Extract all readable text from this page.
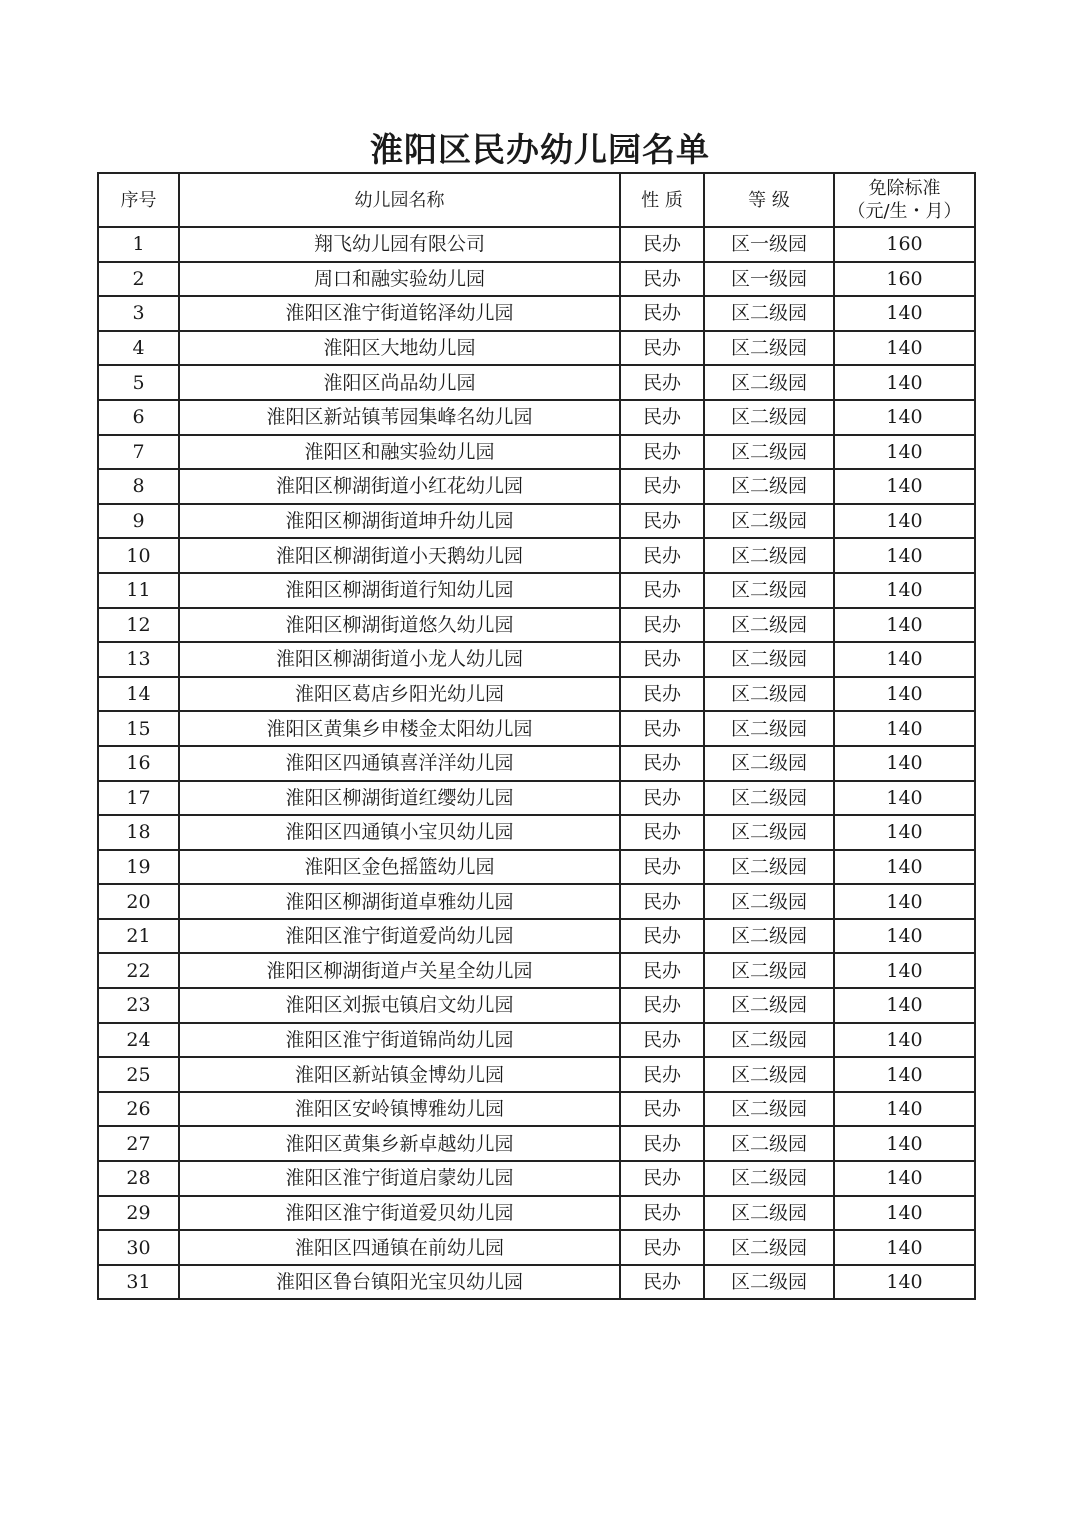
淮阳区民办幼儿园名单
序号	幼儿园名称	性 质	等 级	免除标准
（元/生・月）

1	翔飞幼儿园有限公司	民办	区一级园	160
2	周口和融实验幼儿园	民办	区一级园	160
3	淮阳区淮宁街道铭泽幼儿园	民办	区二级园	140
4	淮阳区大地幼儿园	民办	区二级园	140
5	淮阳区尚品幼儿园	民办	区二级园	140
6	淮阳区新站镇苇园集峰名幼儿园	民办	区二级园	140
7	淮阳区和融实验幼儿园	民办	区二级园	140
8	淮阳区柳湖街道小红花幼儿园	民办	区二级园	140
9	淮阳区柳湖街道坤升幼儿园	民办	区二级园	140
10	淮阳区柳湖街道小天鹅幼儿园	民办	区二级园	140
11	淮阳区柳湖街道行知幼儿园	民办	区二级园	140
12	淮阳区柳湖街道悠久幼儿园	民办	区二级园	140
13	淮阳区柳湖街道小龙人幼儿园	民办	区二级园	140
14	淮阳区葛店乡阳光幼儿园	民办	区二级园	140
15	淮阳区黄集乡申楼金太阳幼儿园	民办	区二级园	140
16	淮阳区四通镇喜洋洋幼儿园	民办	区二级园	140
17	淮阳区柳湖街道红缨幼儿园	民办	区二级园	140
18	淮阳区四通镇小宝贝幼儿园	民办	区二级园	140
19	淮阳区金色摇篮幼儿园	民办	区二级园	140
20	淮阳区柳湖街道卓雅幼儿园	民办	区二级园	140
21	淮阳区淮宁街道爱尚幼儿园	民办	区二级园	140
22	淮阳区柳湖街道卢关星全幼儿园	民办	区二级园	140
23	淮阳区刘振屯镇启文幼儿园	民办	区二级园	140
24	淮阳区淮宁街道锦尚幼儿园	民办	区二级园	140
25	淮阳区新站镇金博幼儿园	民办	区二级园	140
26	淮阳区安岭镇博雅幼儿园	民办	区二级园	140
27	淮阳区黄集乡新卓越幼儿园	民办	区二级园	140
28	淮阳区淮宁街道启蒙幼儿园	民办	区二级园	140
29	淮阳区淮宁街道爱贝幼儿园	民办	区二级园	140
30	淮阳区四通镇在前幼儿园	民办	区二级园	140
31	淮阳区鲁台镇阳光宝贝幼儿园	民办	区二级园	140
